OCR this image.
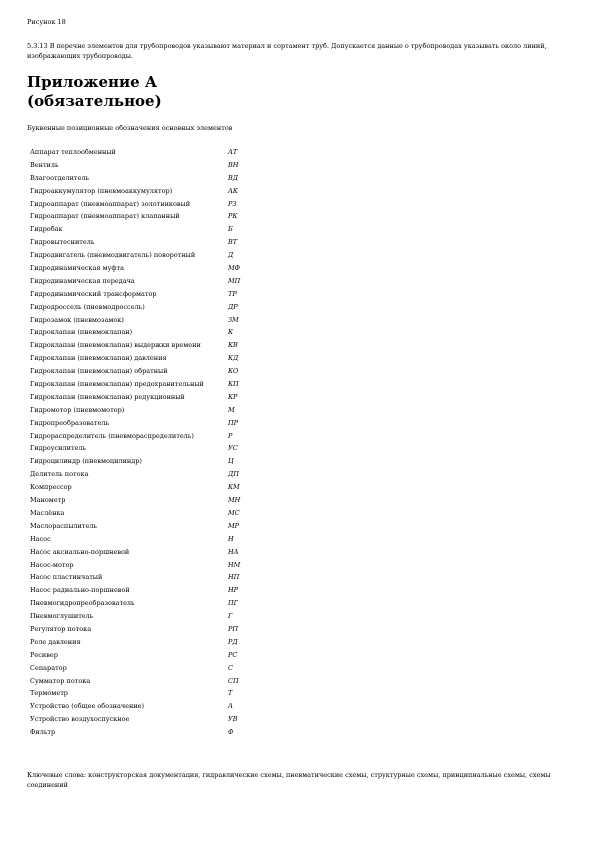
Рисунок 18
5.3.13 В перечне элементов для трубопроводов указывают материал и сортамент труб. Допускается данные о трубопроводах указывать около линий, изображающих трубопроводы.
Приложение А
(обязательное)
Буквенные позиционные обозначения основных элементов
Аппарат теплообменный	АТ
Вентиль	ВН
Влагоотделитель	ВД
Гидроаккумулятор (пневмоаккумулятор)	АК
Гидроаппарат (пневмоаппарат) золотниковый	РЗ
Гидроаппарат (пневмоаппарат) клапанный	РК
Гидробак	Б
Гидровытеснитель	ВТ
Гидродвигатель (пневмодвигатель) поворотный	Д
Гидродинамическая муфта	МФ
Гидродинамическая передача	МП
Гидродинамический трансформатор	ТР
Гидродроссель (пневмодроссель)	ДР
Гидрозамок (пневмозамок)	ЗМ
Гидроклапан (пневмоклапан)	К
Гидроклапан (пневмоклапан) выдержки времени	КВ
Гидроклапан (пневмоклапан) давления	КД
Гидроклапан (пневмоклапан) обратный	КО
Гидроклапан (пневмоклапан) предохранительный	КП
Гидроклапан (пневмоклапан) редукционный	КР
Гидромотор (пневмомотор)	М
Гидропреобразователь	ПР
Гидрораспределитель (пневмораспределитель)	Р
Гидроусилитель	УС
Гидроцилиндр (пневмоцилиндр)	Ц
Делитель потока	ДП
Компрессор	КМ
Манометр	МН
Маслёнка	МС
Маслораспылитель	МР
Насос	Н
Насос аксиально-поршневой	НА
Насос-мотор	НМ
Насос пластинчатый	НП
Насос радиально-поршневой	НР
Пневмогидропреобразователь	ПГ
Пневмоглушитель	Г
Регулятор потока	РП
Реле давления	РД
Ресивер	РС
Сепаратор	С
Сумматор потока	СП
Термометр	Т
Устройство (общее обозначение)	А
Устройство воздухоспускное	УВ
Фильтр	Ф
Ключевые слова: конструкторская документация, гидравлические схемы, пневматические схемы, структурные схемы, принципиальные схемы, схемы соединений
